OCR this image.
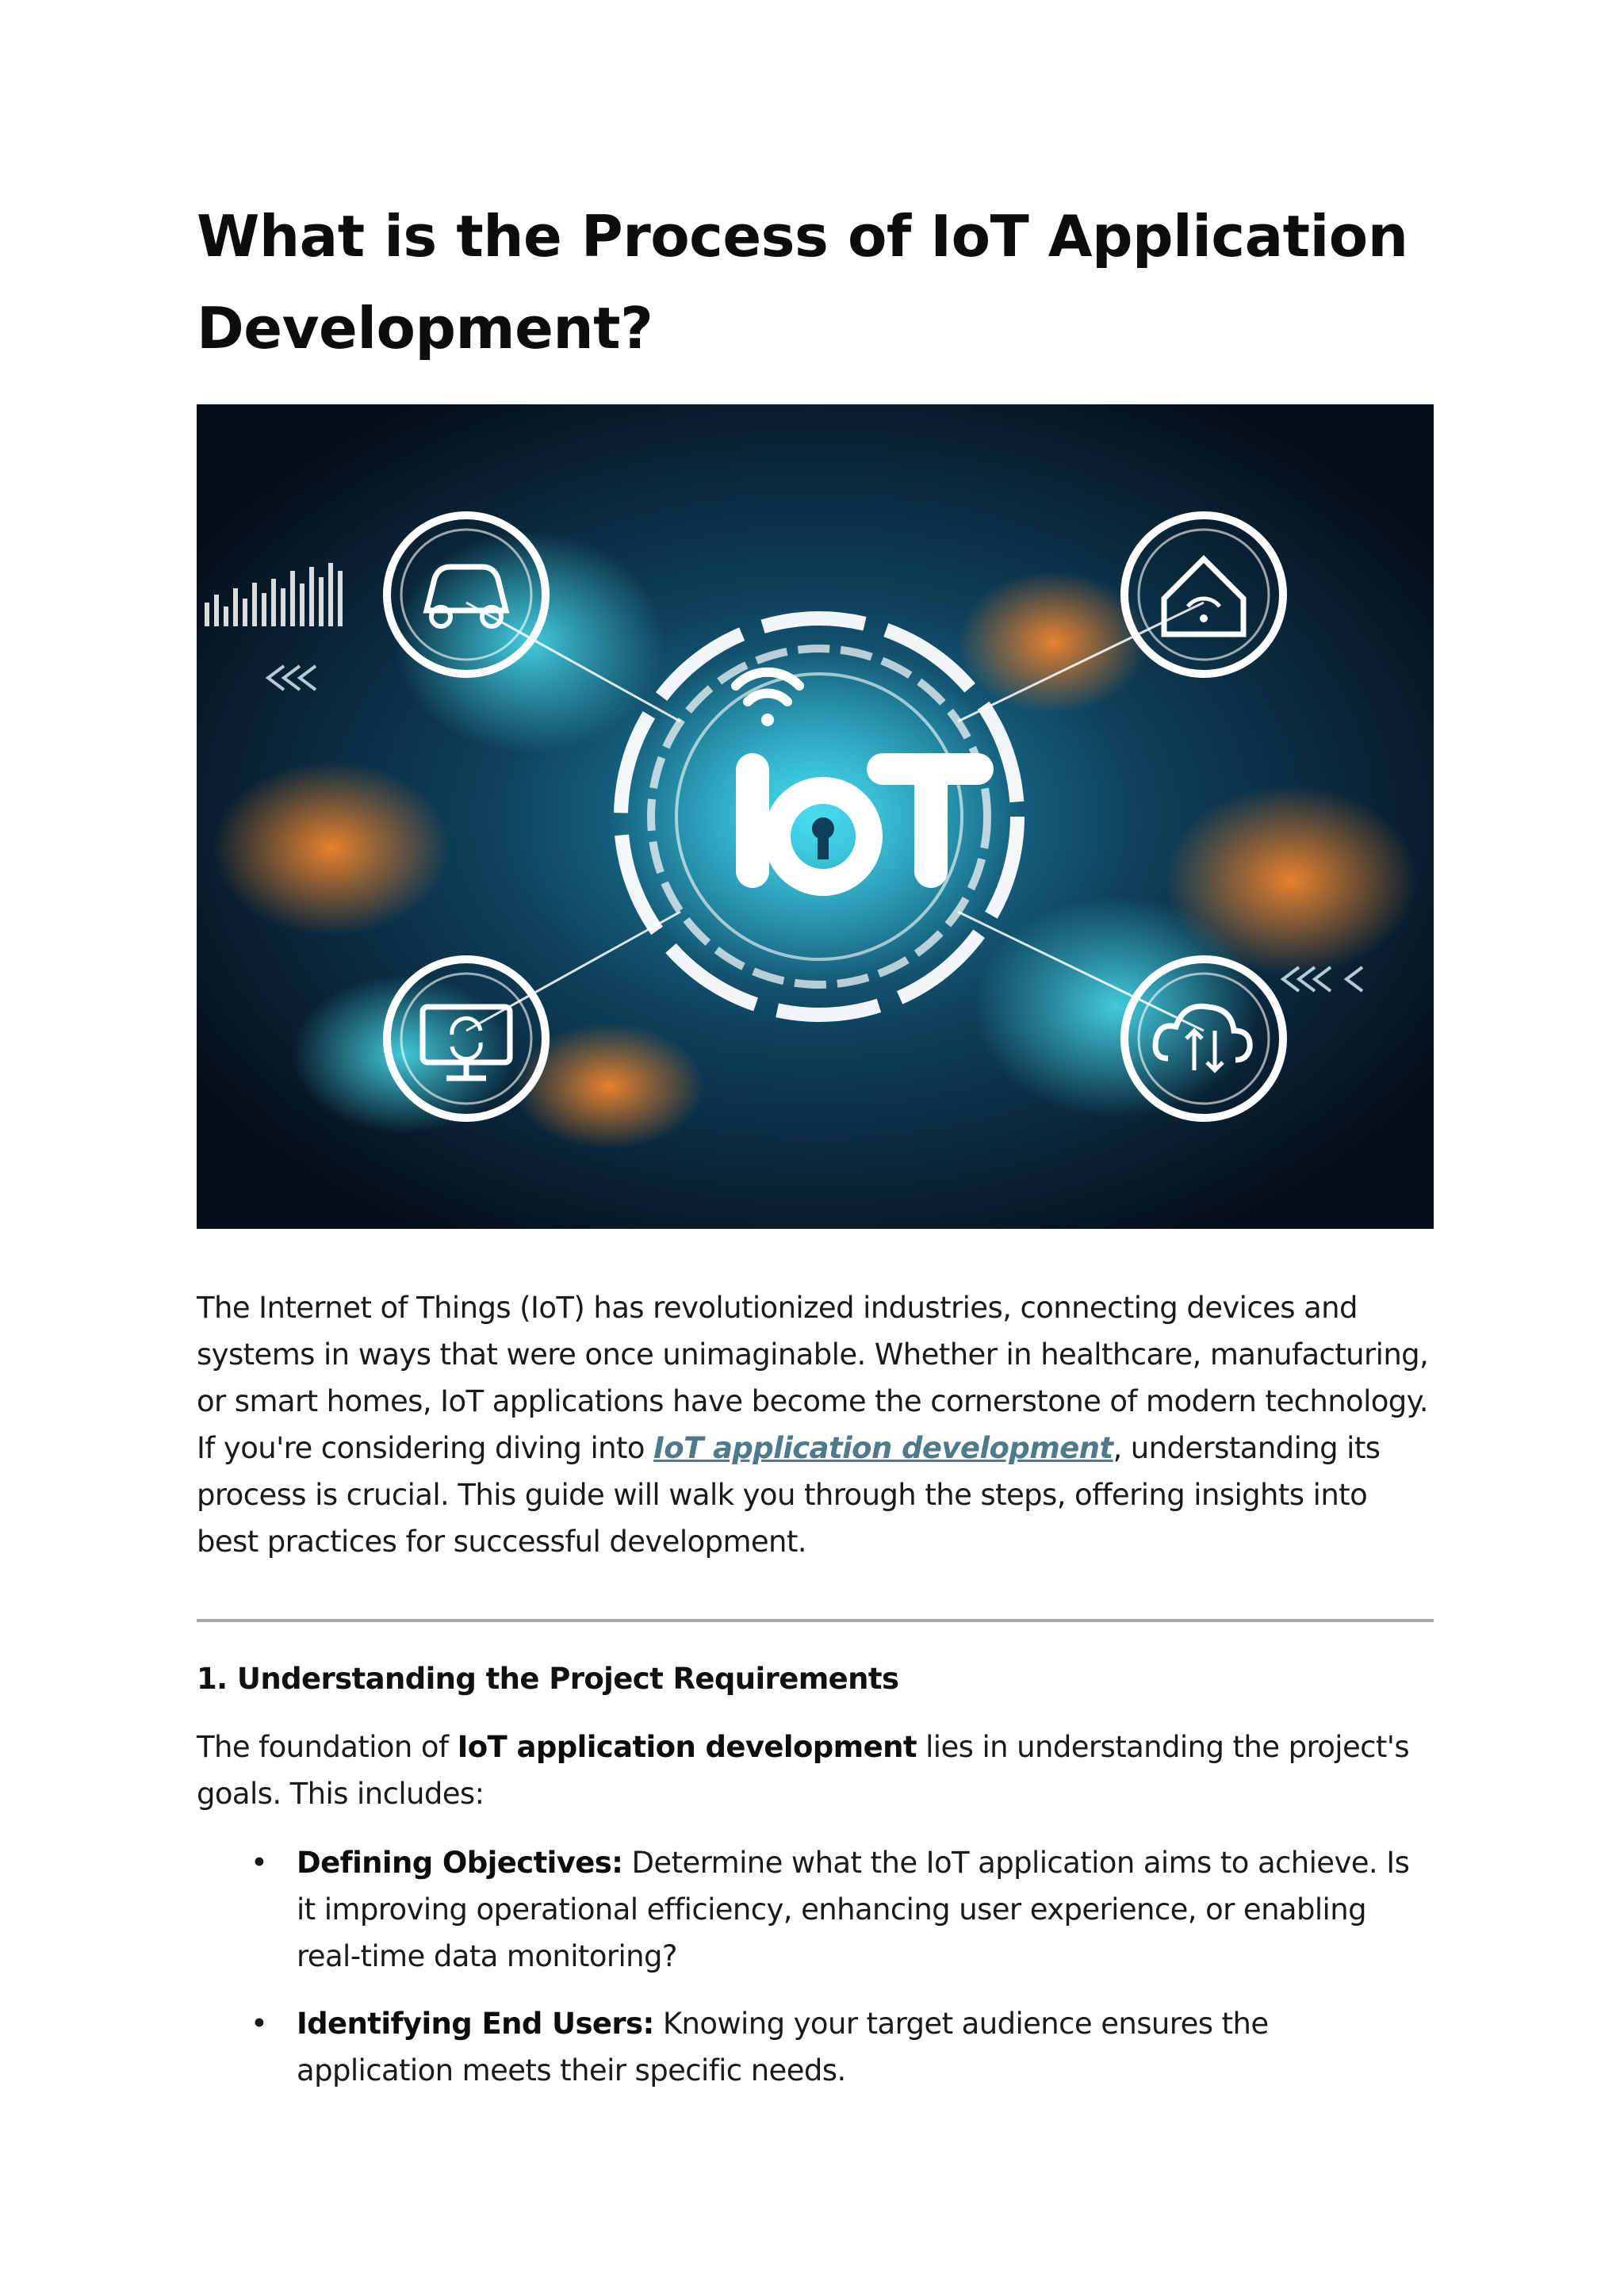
What is the Process of IoT Application Development?

The Internet of Things (IoT) has revolutionized industries, connecting devices and systems in ways that were once unimaginable. Whether in healthcare, manufacturing, or smart homes, IoT applications have become the cornerstone of modern technology. If you're considering diving into IoT application development, understanding its process is crucial. This guide will walk you through the steps, offering insights into best practices for successful development.

1. Understanding the Project Requirements

The foundation of IoT application development lies in understanding the project's goals. This includes:

• Defining Objectives: Determine what the IoT application aims to achieve. Is it improving operational efficiency, enhancing user experience, or enabling real-time data monitoring?
• Identifying End Users: Knowing your target audience ensures the application meets their specific needs.
